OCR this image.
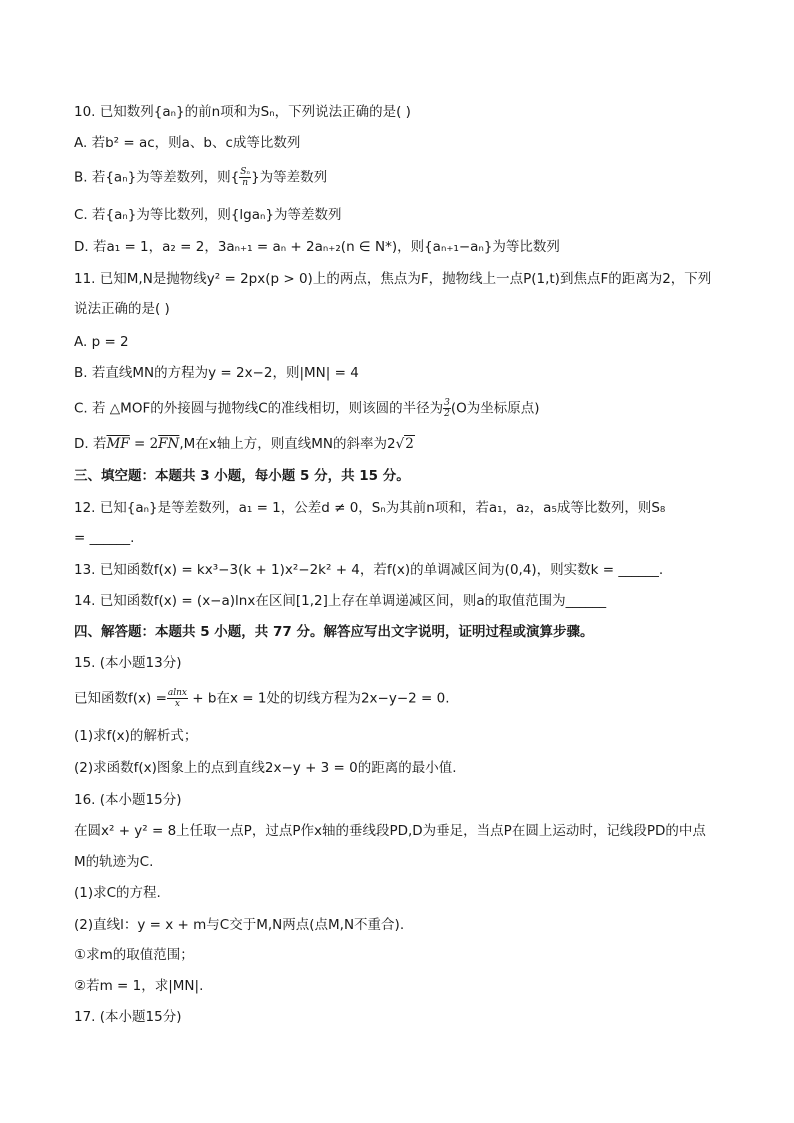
10. 已知数列{aₙ}的前n项和为Sₙ，下列说法正确的是( )
A. 若b² = ac，则a、b、c成等比数列
B. 若{aₙ}为等差数列，则{ $\frac{\text{Sₙ}}{n}$ }为等差数列
C. 若{aₙ}为等比数列，则{lgaₙ}为等差数列
D. 若a₁ = 1，a₂ = 2，3aₙ₊₁ = aₙ + 2aₙ₊₂(n ∈ N*)，则{aₙ₊₁−aₙ}为等比数列
11. 已知M,N是抛物线y² = 2px(p > 0)上的两点，焦点为F，抛物线上一点P(1,t)到焦点F的距离为2，下列
说法正确的是( )
A. p = 2
B. 若直线MN的方程为y = 2x−2，则|MN| = 4
C. 若 △MOF的外接圆与抛物线C的准线相切，则该圆的半径为 $\frac{3}{2} (O$为坐标原点)
D. 若$\overline{MF} = 2\overline{FN},M$在x轴上方，则直线MN的斜率为2√2
三、填空题：本题共 3 小题，每小题 5 分，共 15 分。
12. 已知{aₙ}是等差数列，a₁ = 1，公差d ≠ 0，Sₙ为其前n项和，若a₁，a₂，a₅成等比数列，则S₈
= ______.
13. 已知函数f(x) = kx³−3(k + 1)x²−2k² + 4，若f(x)的单调减区间为(0,4)，则实数k = ______.
14. 已知函数f(x) = (x−a)lnx在区间[1,2]上存在单调递减区间，则a的取值范围为______
四、解答题：本题共 5 小题，共 77 分。解答应写出文字说明，证明过程或演算步骤。
15. (本小题13分)
已知函数$f(x) = \frac{alnx}{x} + b$在x = 1处的切线方程为2x−y−2 = 0.
(1)求f(x)的解析式；
(2)求函数f(x)图象上的点到直线2x−y + 3 = 0的距离的最小值.
16. (本小题15分)
在圆x² + y² = 8上任取一点P，过点P作x轴的垂线段PD,D为垂足，当点P在圆上运动时，记线段PD的中点
M的轨迹为C.
(1)求C的方程.
(2)直线l：y = x + m与C交于M,N两点(点M,N不重合).
①求m的取值范围；
②若m = 1，求|MN|.
17. (本小题15分)
